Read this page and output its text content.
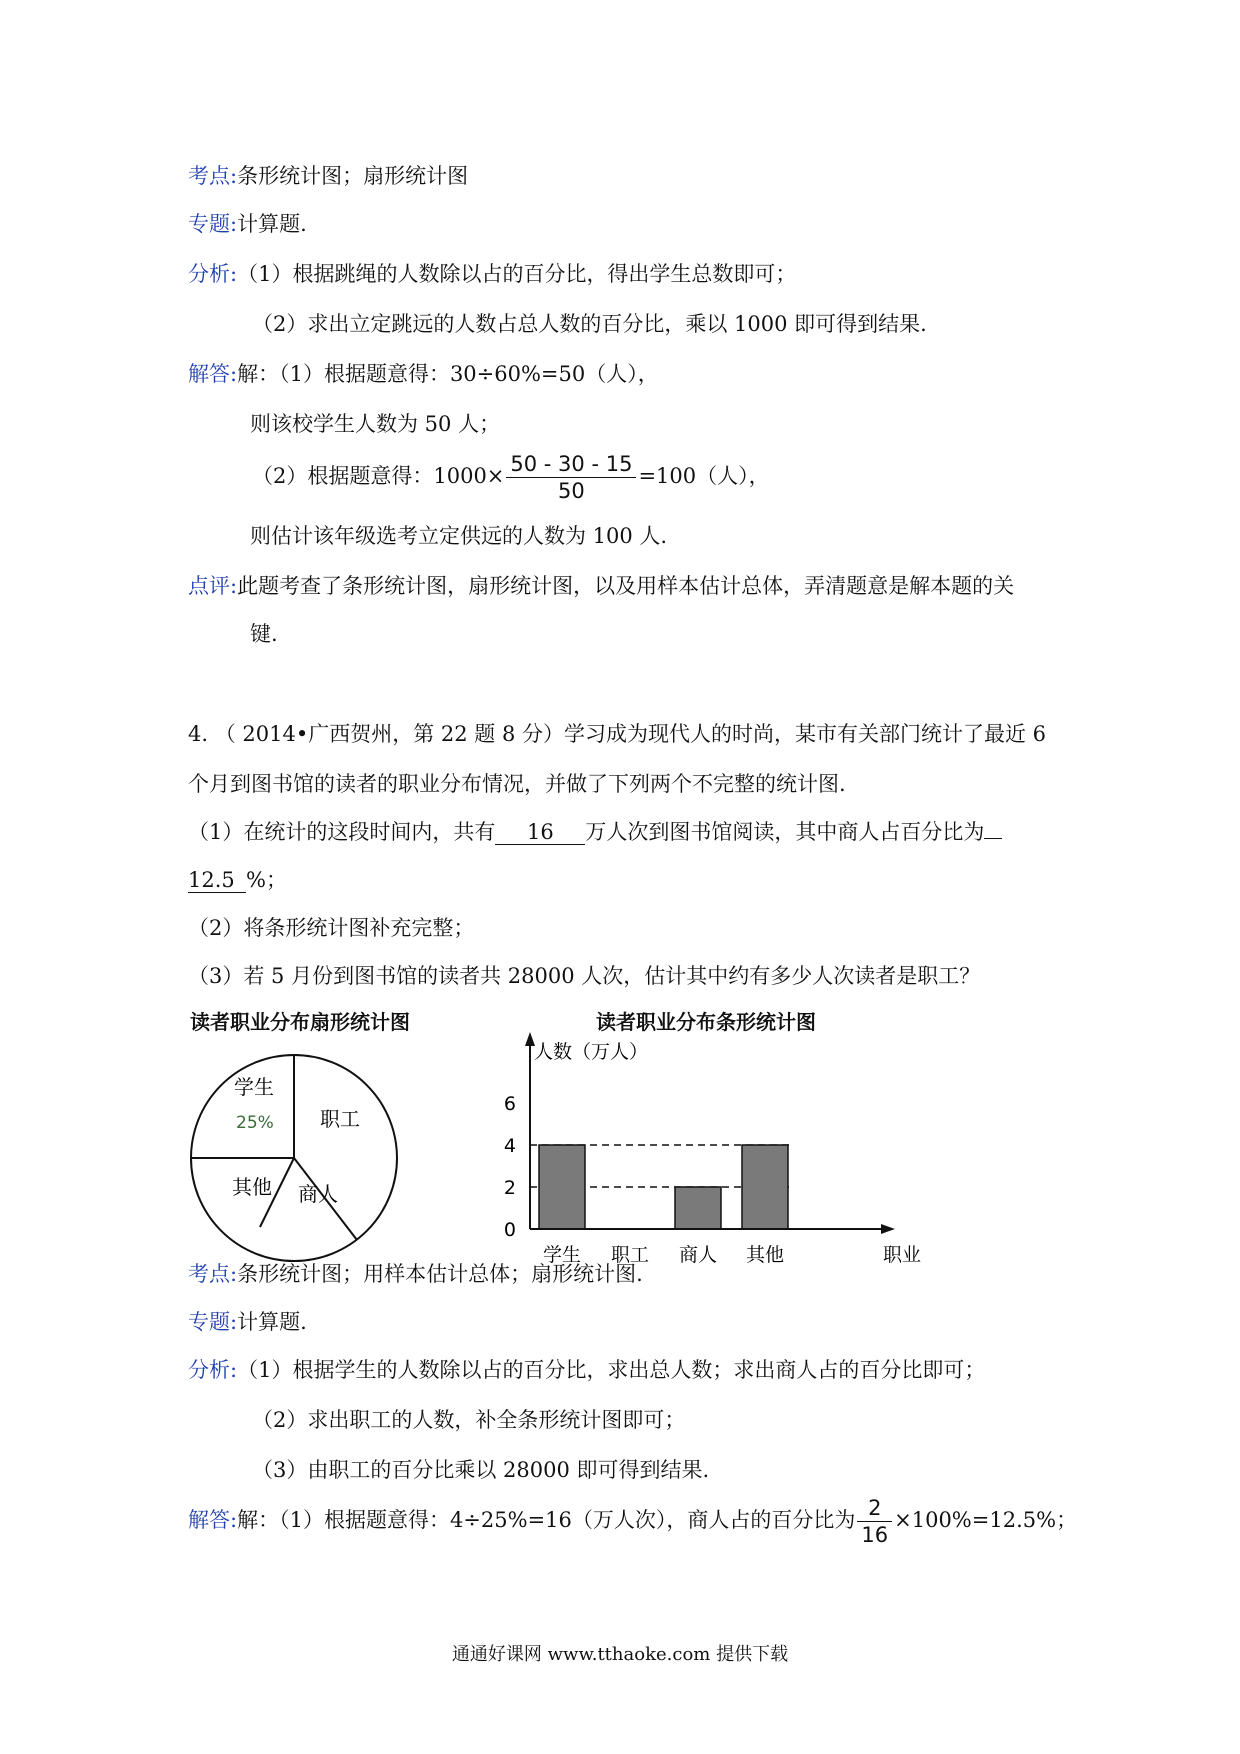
考点:条形统计图；扇形统计图
专题:计算题.
分析:（1）根据跳绳的人数除以占的百分比，得出学生总数即可；
（2）求出立定跳远的人数占总人数的百分比，乘以 1000 即可得到结果.
解答:解：（1）根据题意得：30÷60%=50（人），
则该校学生人数为 50 人；
（2）根据题意得：$1000\times \frac{50 - 30 - 15}{50} =100$（人），
则估计该年级选考立定供远的人数为 100 人.
点评:此题考查了条形统计图，扇形统计图，以及用样本估计总体，弄清题意是解本题的关
键.
4. （ 2014•广西贺州，第 22 题 8 分）学习成为现代人的时尚，某市有关部门统计了最近 6
个月到图书馆的读者的职业分布情况，并做了下列两个不完整的统计图.
（1）在统计的这段时间内，共有 16 万人次到图书馆阅读，其中商人占百分比为
12.5 %；
（2）将条形统计图补充完整；
（3）若 5 月份到图书馆的读者共 28000 人次，估计其中约有多少人次读者是职工？
读者职业分布扇形统计图
学生
25% 职工
其他 商人
读者职业分布条形统计图
人数（万人）
职业
0
2
4
6
学生 职工 商人 其他
考点:条形统计图；用样本估计总体；扇形统计图.
专题:计算题.
分析:（1）根据学生的人数除以占的百分比，求出总人数；求出商人占的百分比即可；
（2）求出职工的人数，补全条形统计图即可；
（3）由职工的百分比乘以 28000 即可得到结果.
解答:解：（1）根据题意得：4÷25%=16（万人次），商人占的百分比为 $\frac{2}{16} \times 100\%=12.5\%$；
通通好课网 www.tthaoke.com 提供下载
